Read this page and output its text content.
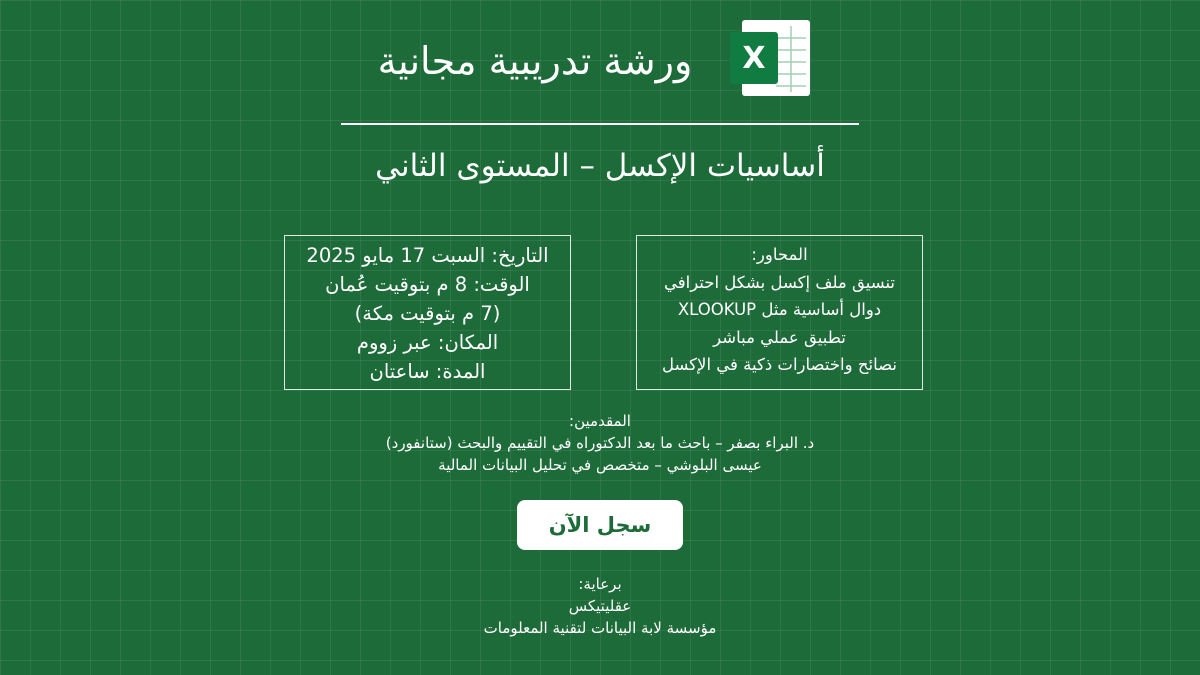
ورشة تدريبية مجانية	X
أساسيات الإكسل – المستوى الثاني
التاريخ: السبت 17 مايو 2025
الوقت: 8 م بتوقيت عُمان
(7 م بتوقيت مكة)
المكان: عبر زووم
المدة: ساعتان
المحاور:
تنسيق ملف إكسل بشكل احترافي
دوال أساسية مثل XLOOKUP
تطبيق عملي مباشر
نصائح واختصارات ذكية في الإكسل
المقدمين:
د. البراء بصفر – باحث ما بعد الدكتوراه في التقييم والبحث (ستانفورد)
عيسى البلوشي – متخصص في تحليل البيانات المالية
سجل الآن
برعاية:
عقليتيكس
مؤسسة لابة البيانات لتقنية المعلومات
